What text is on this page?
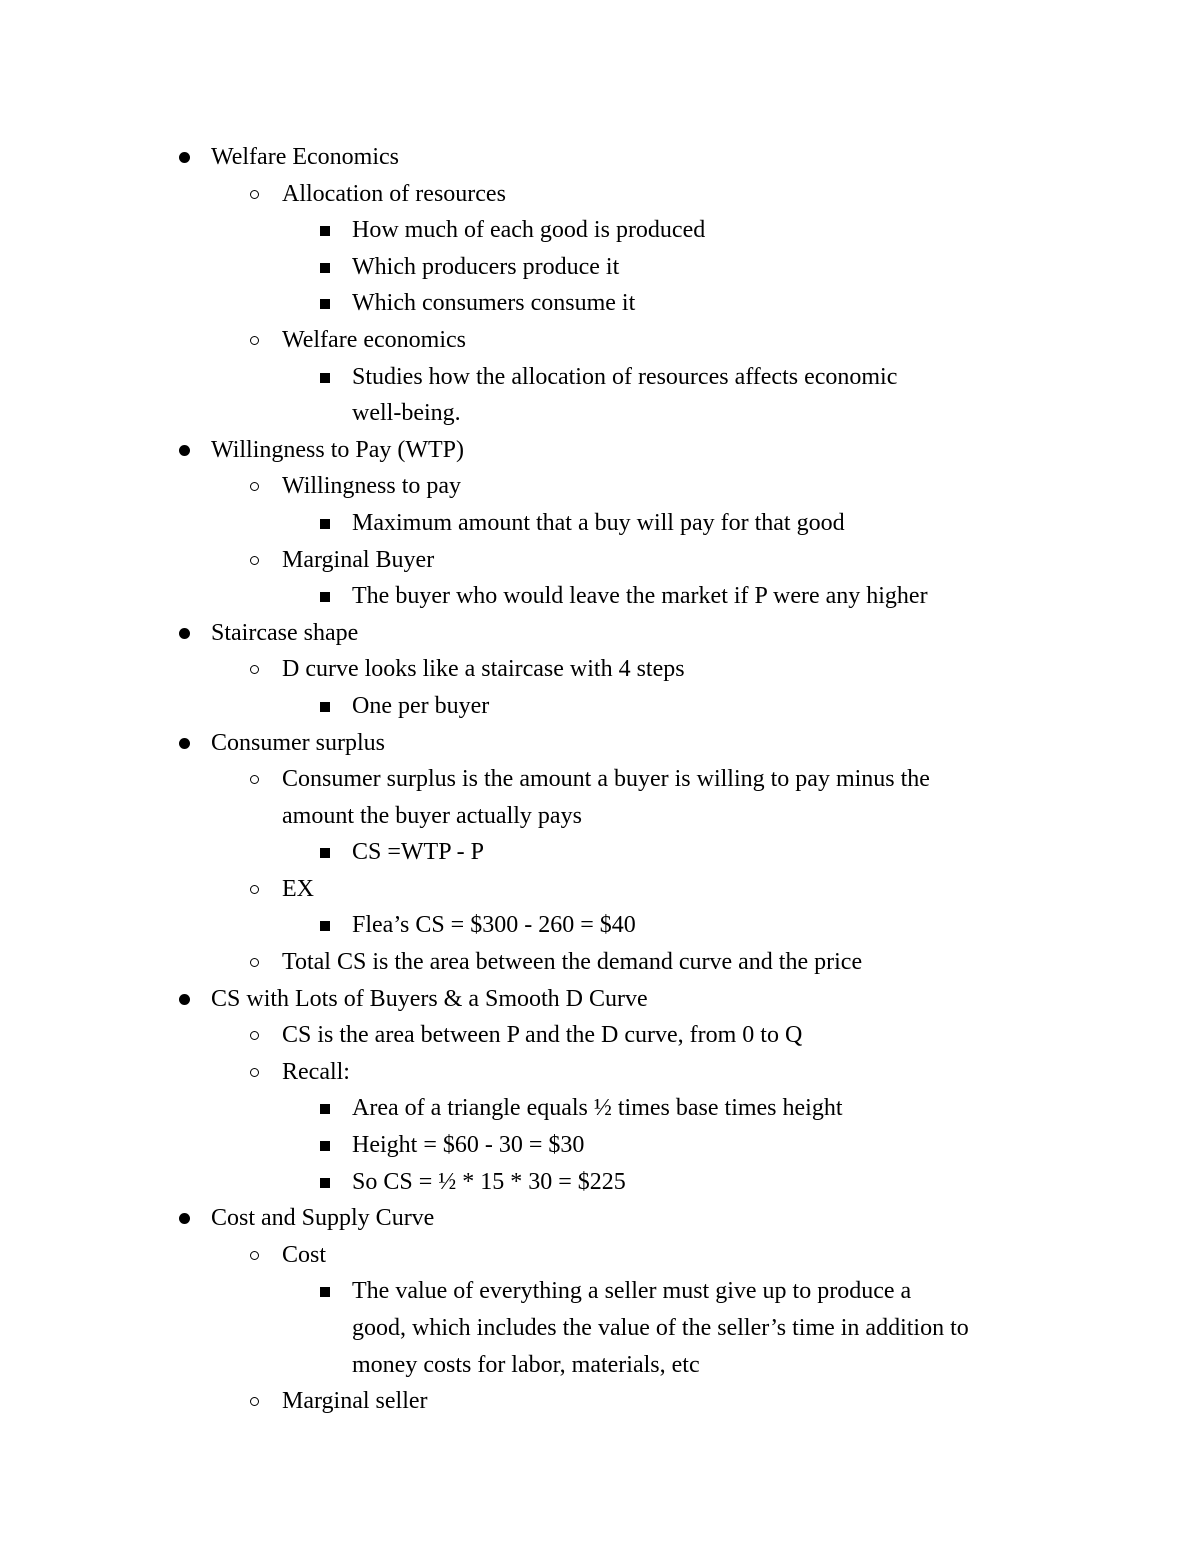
Welfare Economics
Allocation of resources
How much of each good is produced
Which producers produce it
Which consumers consume it
Welfare economics
Studies how the allocation of resources affects economic
well-being.
Willingness to Pay (WTP)
Willingness to pay
Maximum amount that a buy will pay for that good
Marginal Buyer
The buyer who would leave the market if P were any higher
Staircase shape
D curve looks like a staircase with 4 steps
One per buyer
Consumer surplus
Consumer surplus is the amount a buyer is willing to pay minus the
amount the buyer actually pays
CS =WTP - P
EX
Flea’s CS = $300 - 260 = $40
Total CS is the area between the demand curve and the price
CS with Lots of Buyers & a Smooth D Curve
CS is the area between P and the D curve, from 0 to Q
Recall:
Area of a triangle equals ½ times base times height
Height = $60 - 30 = $30
So CS = ½ * 15 * 30 = $225
Cost and Supply Curve
Cost
The value of everything a seller must give up to produce a
good, which includes the value of the seller’s time in addition to
money costs for labor, materials, etc
Marginal seller
